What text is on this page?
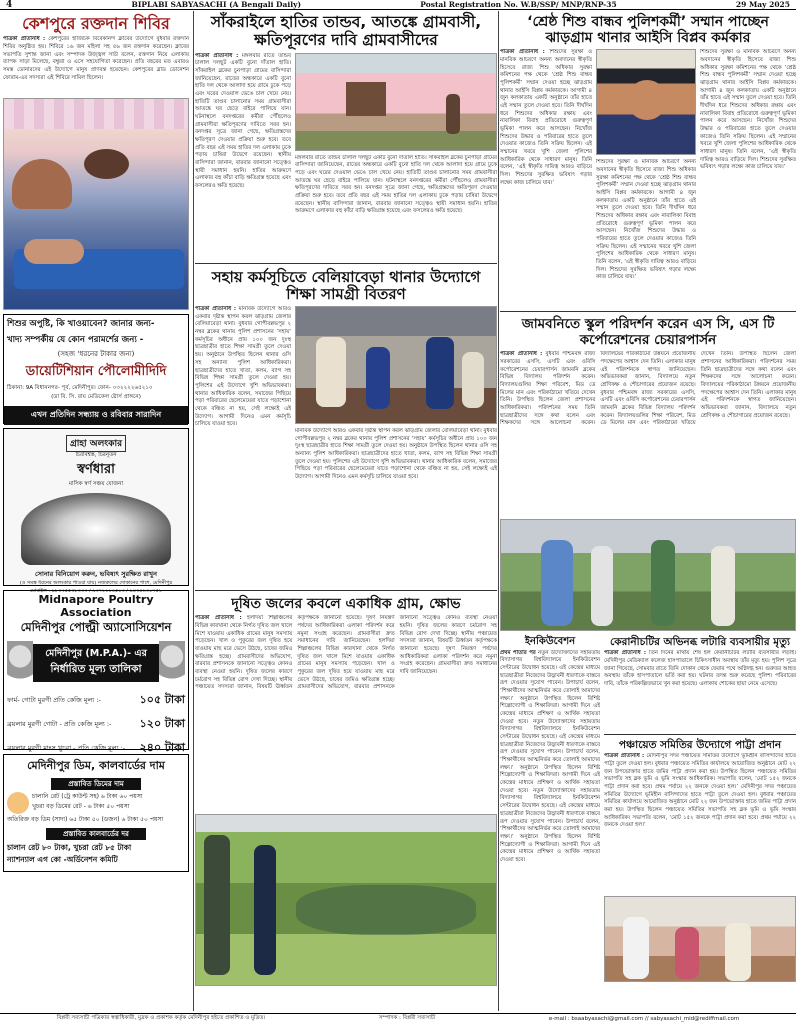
4	BIPLABI SABYASACHI (A Bengali Daily)	Postal Registration No. W.B/SSP/ MNP/RNP-35	29 May 2025
কেশপুরে রক্তদান শিবির
পত্রিকা প্রতিনিধি : কেশপুরের হাজিচক বিবেকানন্দ ক্লাবের উদ্যোগে বুধবার রক্তদান শিবির অনুষ্ঠিত হয়। শিবিরে ১৬ জন মহিলা সহ ৫৬ জন রক্তদান করেছেন। ক্লাবের সভাপতি সুশান্ত জানা এবং সম্পাদক উজ্জ্বল সাউ বলেন, রক্তদান নিয়ে এলাকায় ব্যাপক সাড়া মিলেছে, বন্ধুরা ও এসে সহযোগিতা করেছেন। প্রতি বছরের মত এবারও সমস্ত ডোনারদের এই উদ্যোগে মানুষ প্রাণবন্ত হয়েছেন। কেশপুরের ব্লাড ডোনেশন ফোরাম-এর সদস্যরা এই শিবিরে সামিল ছিলেন।
শিশুর অপুষ্টি, কি খাওয়াবেন? জানার জন্য-
খাদ্য সম্পর্কীয় যে কোন পরামর্শের জন্য -
(সহজ ‘ধরনের টাকার জন্য)
ডায়েটিশিয়ান পৌলোমীদিদি
ঠিকানা: 9A বিধাননগর- পূর্ব, মেদিনীপুর। ফোন- ০৩২২২২৬৫২১০
(ডা বি. সি. রায় মেডিকেল ষ্টোর্স প্রাঙ্গনে)
এখন প্রতিদিন সন্ধ্যায় ও রবিবার সারাদিন
গ্রাহা অলংকার
চিরবিশ্বস্ত, চিরনূতন
স্বর্ণধারা
মাসিক স্বর্ণ সঞ্চয় যোজনা
সোনার বিনিয়োগ করুন, ভবিষ্যৎ সুরক্ষিত রাখুন
(ও সমস্ত ধরনের অলংকার পাওয়া যায়) নজরুলের দোকানের পাশে, মেদিনীপুর
মোবাইল : ৯৮৩৩৫৫৩৮৩৩৩ / ৯৩৭১১১৬৫০৩ / ৯৪৩৪৬৩০৭৫১
Midnapore Poultry Association
মেদিনীপুর পোল্ট্রী অ্যাসোসিয়েশন
মেদিনীপুর (M.P.A.)- এর
নির্ধারিত মূল্য তালিকা
ফার্ম- গোটা মুরগী প্রতি কেজি মূল্য :-	১০৫ টাকা
ব্রয়লার মুরগী গোটা - প্রতি কেজি মূল্য :-	১২০ টাকা
ব্রয়লার মুরগী মাংস খুচরা - প্রতি কেজি মূল্য :- ২৪০ টাকা
মেদিনীপুর ডিম, কালবার্ডের দাম
প্রস্তাবিত ডিমের দাম
চালানি রেট (ট্রে কাউন্ট সহ) ৬ টাকা ৬০ পয়সা
খুচরা বড় ডিমের রেট - ৬ টাকা ৫০ পয়সা
অতিরিক্ত বড় ডিম (সাদা) ৬৫ টাকা ৫০ (ডজন) ৬ টাকা ৫০ পয়সা
প্রস্তাবিত কালবার্ডের দর
চালান রেট ৮০ টাকা, খুচরা রেট ৮৫ টাকা
ন্যাশন্যাল এগ কো -অর্ডিনেশন কমিটি
সাঁকরাইলে হাতির তান্ডব, আতঙ্কে গ্রামবাসী, ক্ষতিপূরণের দাবি গ্রামবাসীদের
পত্রিকা প্রতিনিধি : মঙ্গলবার রাতে তান্ডব চালাল দলছুট একটি বুনো দাঁতাল হাতি। সাঁকরাইল ব্লকের চুনপাড়া গ্রামের বাসিন্দারা জানিয়েছেন, রাতের অন্ধকারে একটি বুনো হাতি দল থেকে আলাদা হয়ে গ্রামে ঢুকে পড়ে এবং ঘরের দেওয়াল ভেঙে চাল খেয়ে নেয়। হাতিটি তাণ্ডব চালানোর সময় গ্রামবাসীরা আতঙ্কে ঘর ছেড়ে বাইরে পালিয়ে যান। ঘটনাস্থলে বনদপ্তরের কর্মীরা পৌঁছলেও গ্রামবাসীরা ক্ষতিপূরণের দাবিতে সরব হন। বনদপ্তর সূত্রে জানা গেছে, ক্ষতিগ্রস্তদের ক্ষতিপূরণ দেওয়ার প্রক্রিয়া শুরু হবে। তবে প্রতি বছর এই সময় হাতির দল এলাকায় ঢুকে পড়ায় চাষিরা উদ্বেগে রয়েছেন। স্থানীয় বাসিন্দারা জানান, বারবার জানানো সত্ত্বেও স্থায়ী সমাধান হয়নি। হাতির আক্রমণে এলাকার বহু কাঁচা বাড়ি ক্ষতিগ্রস্ত হয়েছে এবং ফসলেরও ক্ষতি হয়েছে।
মঙ্গলবার রাতে তান্ডব চালাল দলছুট একটি বুনো দাঁতাল হাতি। সাঁকরাইল ব্লকের চুনপাড়া গ্রামের বাসিন্দারা জানিয়েছেন, রাতের অন্ধকারে একটি বুনো হাতি দল থেকে আলাদা হয়ে গ্রামে ঢুকে পড়ে এবং ঘরের দেওয়াল ভেঙে চাল খেয়ে নেয়। হাতিটি তাণ্ডব চালানোর সময় গ্রামবাসীরা আতঙ্কে ঘর ছেড়ে বাইরে পালিয়ে যান। ঘটনাস্থলে বনদপ্তরের কর্মীরা পৌঁছলেও গ্রামবাসীরা ক্ষতিপূরণের দাবিতে সরব হন। বনদপ্তর সূত্রে জানা গেছে, ক্ষতিগ্রস্তদের ক্ষতিপূরণ দেওয়ার প্রক্রিয়া শুরু হবে। তবে প্রতি বছর এই সময় হাতির দল এলাকায় ঢুকে পড়ায় চাষিরা উদ্বেগে রয়েছেন। স্থানীয় বাসিন্দারা জানান, বারবার জানানো সত্ত্বেও স্থায়ী সমাধান হয়নি। হাতির আক্রমণে এলাকার বহু কাঁচা বাড়ি ক্ষতিগ্রস্ত হয়েছে এবং ফসলেরও ক্ষতি হয়েছে।
সহায় কর্মসূচিতে বেলিয়াবেড়া থানার উদ্যোগে শিক্ষা সামগ্রী বিতরণ
পত্রিকা প্রতিনিধি : মানবিক উদ্যোগে আরও একবার দৃষ্টান্ত স্থাপন করল ঝাড়গ্রাম জেলার বেলিয়াবেড়া থানা। বুধবার গোপীবল্লভপুর ২ নম্বর ব্লকের থানায় পুলিশ প্রশাসনের ‘সহায়’ কর্মসূচির অধীনে প্রায় ১০০ জন দুঃস্থ ছাত্রছাত্রীর হাতে শিক্ষা সামগ্রী তুলে দেওয়া হয়। অনুষ্ঠানে উপস্থিত ছিলেন থানার ওসি সহ অন্যান্য পুলিশ আধিকারিকরা। ছাত্রছাত্রীদের হাতে খাতা, কলম, ব্যাগ সহ বিভিন্ন শিক্ষা সামগ্রী তুলে দেওয়া হয়। পুলিশের এই উদ্যোগে খুশি অভিভাবকরা। থানার আধিকারিক বলেন, সমাজের পিছিয়ে পড়া পরিবারের ছেলেমেয়েরা যাতে পড়াশোনা থেকে বঞ্চিত না হয়, সেই লক্ষ্যেই এই উদ্যোগ। আগামী দিনেও এমন কর্মসূচি চালিয়ে যাওয়া হবে।
মানবিক উদ্যোগে আরও একবার দৃষ্টান্ত স্থাপন করল ঝাড়গ্রাম জেলার বেলিয়াবেড়া থানা। বুধবার গোপীবল্লভপুর ২ নম্বর ব্লকের থানায় পুলিশ প্রশাসনের ‘সহায়’ কর্মসূচির অধীনে প্রায় ১০০ জন দুঃস্থ ছাত্রছাত্রীর হাতে শিক্ষা সামগ্রী তুলে দেওয়া হয়। অনুষ্ঠানে উপস্থিত ছিলেন থানার ওসি সহ অন্যান্য পুলিশ আধিকারিকরা। ছাত্রছাত্রীদের হাতে খাতা, কলম, ব্যাগ সহ বিভিন্ন শিক্ষা সামগ্রী তুলে দেওয়া হয়। পুলিশের এই উদ্যোগে খুশি অভিভাবকরা। থানার আধিকারিক বলেন, সমাজের পিছিয়ে পড়া পরিবারের ছেলেমেয়েরা যাতে পড়াশোনা থেকে বঞ্চিত না হয়, সেই লক্ষ্যেই এই উদ্যোগ। আগামী দিনেও এমন কর্মসূচি চালিয়ে যাওয়া হবে।
দূষিত জলের কবলে একাধিক গ্রাম, ক্ষোভ
পত্রিকা প্রতিনিধি : হলদিয়া শিল্পাঞ্চলের বিভিন্ন কারখানা থেকে নির্গত দূষিত জল খালে মিশে যাওয়ায় একাধিক গ্রামের মানুষ সমস্যায় পড়েছেন। খাল ও পুকুরের জল দূষিত হয়ে যাওয়ায় মাছ মরে ভেসে উঠছে, চাষের জমিও ক্ষতিগ্রস্ত হচ্ছে। গ্রামবাসীদের অভিযোগ, বারবার প্রশাসনকে জানানো সত্ত্বেও কোনও ব্যবস্থা নেওয়া হয়নি। দূষিত জলের কারণে চর্মরোগ সহ বিভিন্ন রোগ দেখা দিচ্ছে। স্থানীয় পঞ্চায়েত সদস্যরা জানান, বিষয়টি ঊর্ধ্বতন কর্তৃপক্ষকে জানানো হয়েছে। দূষণ নিয়ন্ত্রণ পর্ষদের আধিকারিকরা এলাকা পরিদর্শন করে নমুনা সংগ্রহ করেছেন। গ্রামবাসীরা দ্রুত সমাধানের দাবি জানিয়েছেন। হলদিয়া শিল্পাঞ্চলের বিভিন্ন কারখানা থেকে নির্গত দূষিত জল খালে মিশে যাওয়ায় একাধিক গ্রামের মানুষ সমস্যায় পড়েছেন। খাল ও পুকুরের জল দূষিত হয়ে যাওয়ায় মাছ মরে ভেসে উঠছে, চাষের জমিও ক্ষতিগ্রস্ত হচ্ছে। গ্রামবাসীদের অভিযোগ, বারবার প্রশাসনকে জানানো সত্ত্বেও কোনও ব্যবস্থা নেওয়া হয়নি। দূষিত জলের কারণে চর্মরোগ সহ বিভিন্ন রোগ দেখা দিচ্ছে। স্থানীয় পঞ্চায়েত সদস্যরা জানান, বিষয়টি ঊর্ধ্বতন কর্তৃপক্ষকে জানানো হয়েছে। দূষণ নিয়ন্ত্রণ পর্ষদের আধিকারিকরা এলাকা পরিদর্শন করে নমুনা সংগ্রহ করেছেন। গ্রামবাসীরা দ্রুত সমাধানের দাবি জানিয়েছেন।
‘শ্রেষ্ঠ শিশু বান্ধব পুলিশকর্মী’ সম্মান পাচ্ছেন ঝাড়গ্রাম থানার আইসি বিপ্লব কর্মকার
পত্রিকা প্রতিনিধি : শিশুদের সুরক্ষা ও মানবিক আচরণে অনন্য অবদানের স্বীকৃতি হিসেবে রাজ্য শিশু অধিকার সুরক্ষা কমিশনের পক্ষ থেকে ‘শ্রেষ্ঠ শিশু বান্ধব পুলিশকর্মী’ সম্মান দেওয়া হচ্ছে ঝাড়গ্রাম থানার আইসি বিপ্লব কর্মকারকে। আগামী ৪ জুন কলকাতায় একটি অনুষ্ঠানে তাঁর হাতে এই সম্মান তুলে দেওয়া হবে। তিনি দীর্ঘদিন ধরে শিশুদের অধিকার রক্ষায় এবং নাবালিকা বিবাহ প্রতিরোধে গুরুত্বপূর্ণ ভূমিকা পালন করে আসছেন। নিখোঁজ শিশুদের উদ্ধার ও পরিবারের হাতে তুলে দেওয়ার কাজেও তিনি সক্রিয় ছিলেন। এই সম্মানের খবরে খুশি জেলা পুলিশের আধিকারিক থেকে সাধারণ মানুষ। তিনি বলেন, ‘এই স্বীকৃতি দায়িত্ব আরও বাড়িয়ে দিল। শিশুদের সুরক্ষিত ভবিষ্যৎ গড়ার লক্ষ্যে কাজ চালিয়ে যাব।’
শিশুদের সুরক্ষা ও মানবিক আচরণে অনন্য অবদানের স্বীকৃতি হিসেবে রাজ্য শিশু অধিকার সুরক্ষা কমিশনের পক্ষ থেকে ‘শ্রেষ্ঠ শিশু বান্ধব পুলিশকর্মী’ সম্মান দেওয়া হচ্ছে ঝাড়গ্রাম থানার আইসি বিপ্লব কর্মকারকে। আগামী ৪ জুন কলকাতায় একটি অনুষ্ঠানে তাঁর হাতে এই সম্মান তুলে দেওয়া হবে। তিনি দীর্ঘদিন ধরে শিশুদের অধিকার রক্ষায় এবং নাবালিকা বিবাহ প্রতিরোধে গুরুত্বপূর্ণ ভূমিকা পালন করে আসছেন। নিখোঁজ শিশুদের উদ্ধার ও পরিবারের হাতে তুলে দেওয়ার কাজেও তিনি সক্রিয় ছিলেন। এই সম্মানের খবরে খুশি জেলা পুলিশের আধিকারিক থেকে সাধারণ মানুষ। তিনি বলেন, ‘এই স্বীকৃতি দায়িত্ব আরও বাড়িয়ে দিল। শিশুদের সুরক্ষিত ভবিষ্যৎ গড়ার লক্ষ্যে কাজ চালিয়ে যাব।’
শিশুদের সুরক্ষা ও মানবিক আচরণে অনন্য অবদানের স্বীকৃতি হিসেবে রাজ্য শিশু অধিকার সুরক্ষা কমিশনের পক্ষ থেকে ‘শ্রেষ্ঠ শিশু বান্ধব পুলিশকর্মী’ সম্মান দেওয়া হচ্ছে ঝাড়গ্রাম থানার আইসি বিপ্লব কর্মকারকে। আগামী ৪ জুন কলকাতায় একটি অনুষ্ঠানে তাঁর হাতে এই সম্মান তুলে দেওয়া হবে। তিনি দীর্ঘদিন ধরে শিশুদের অধিকার রক্ষায় এবং নাবালিকা বিবাহ প্রতিরোধে গুরুত্বপূর্ণ ভূমিকা পালন করে আসছেন। নিখোঁজ শিশুদের উদ্ধার ও পরিবারের হাতে তুলে দেওয়ার কাজেও তিনি সক্রিয় ছিলেন। এই সম্মানের খবরে খুশি জেলা পুলিশের আধিকারিক থেকে সাধারণ মানুষ। তিনি বলেন, ‘এই স্বীকৃতি দায়িত্ব আরও বাড়িয়ে দিল। শিশুদের সুরক্ষিত ভবিষ্যৎ গড়ার লক্ষ্যে কাজ চালিয়ে যাব।’
জামবনিতে স্কুল পরিদর্শন করেন এস সি, এস টি কর্পোরেশনের চেয়ারপার্সন
পত্রিকা প্রতিনিধি : বুধবার পশ্চিমবঙ্গ রাজ্য সরকারের এসসি, এসটি এবং ওবিসি কর্পোরেশনের চেয়ারপার্সন জামবনি ব্লকের বিভিন্ন বিদ্যালয় পরিদর্শন করেন। বিদ্যালয়গুলির শিক্ষা পরিবেশ, মিড ডে মিলের মান এবং পরিকাঠামো খতিয়ে দেখেন তিনি। উপস্থিত ছিলেন জেলা প্রশাসনের আধিকারিকরা। পরিদর্শনের সময় তিনি ছাত্রছাত্রীদের সঙ্গে কথা বলেন এবং শিক্ষকদের সঙ্গে আলোচনা করেন। বিদ্যালয়ের পরিকাঠামো উন্নয়নে প্রয়োজনীয় পদক্ষেপের আশ্বাস দেন তিনি। এলাকার মানুষ এই পরিদর্শনকে স্বাগত জানিয়েছেন। অভিভাবকরা জানান, বিদ্যালয়ে নতুন শ্রেণিকক্ষ ও শৌচাগারের প্রয়োজন রয়েছে। বুধবার পশ্চিমবঙ্গ রাজ্য সরকারের এসসি, এসটি এবং ওবিসি কর্পোরেশনের চেয়ারপার্সন জামবনি ব্লকের বিভিন্ন বিদ্যালয় পরিদর্শন করেন। বিদ্যালয়গুলির শিক্ষা পরিবেশ, মিড ডে মিলের মান এবং পরিকাঠামো খতিয়ে দেখেন তিনি। উপস্থিত ছিলেন জেলা প্রশাসনের আধিকারিকরা। পরিদর্শনের সময় তিনি ছাত্রছাত্রীদের সঙ্গে কথা বলেন এবং শিক্ষকদের সঙ্গে আলোচনা করেন। বিদ্যালয়ের পরিকাঠামো উন্নয়নে প্রয়োজনীয় পদক্ষেপের আশ্বাস দেন তিনি। এলাকার মানুষ এই পরিদর্শনকে স্বাগত জানিয়েছেন। অভিভাবকরা জানান, বিদ্যালয়ে নতুন শ্রেণিকক্ষ ও শৌচাগারের প্রয়োজন রয়েছে।
ইনকিউবেশন
প্রথম পাতার পর নতুন উদ্যোক্তাদের সহায়তায় বিদ্যাসাগর বিশ্ববিদ্যালয়ে ইনকিউবেশন সেন্টারের উদ্বোধন হয়েছে। এই কেন্দ্রের মাধ্যমে ছাত্রছাত্রীরা নিজেদের উদ্ভাবনী ধারণাকে বাস্তবে রূপ দেওয়ার সুযোগ পাবেন। উপাচার্য বলেন, ‘শিক্ষার্থীদের আত্মনির্ভর করে তোলাই আমাদের লক্ষ্য।’ অনুষ্ঠানে উপস্থিত ছিলেন বিশিষ্ট শিল্পোদ্যোগী ও শিক্ষাবিদরা। আগামী দিনে এই কেন্দ্রের মাধ্যমে প্রশিক্ষণ ও আর্থিক সহায়তা দেওয়া হবে। নতুন উদ্যোক্তাদের সহায়তায় বিদ্যাসাগর বিশ্ববিদ্যালয়ে ইনকিউবেশন সেন্টারের উদ্বোধন হয়েছে। এই কেন্দ্রের মাধ্যমে ছাত্রছাত্রীরা নিজেদের উদ্ভাবনী ধারণাকে বাস্তবে রূপ দেওয়ার সুযোগ পাবেন। উপাচার্য বলেন, ‘শিক্ষার্থীদের আত্মনির্ভর করে তোলাই আমাদের লক্ষ্য।’ অনুষ্ঠানে উপস্থিত ছিলেন বিশিষ্ট শিল্পোদ্যোগী ও শিক্ষাবিদরা। আগামী দিনে এই কেন্দ্রের মাধ্যমে প্রশিক্ষণ ও আর্থিক সহায়তা দেওয়া হবে। নতুন উদ্যোক্তাদের সহায়তায় বিদ্যাসাগর বিশ্ববিদ্যালয়ে ইনকিউবেশন সেন্টারের উদ্বোধন হয়েছে। এই কেন্দ্রের মাধ্যমে ছাত্রছাত্রীরা নিজেদের উদ্ভাবনী ধারণাকে বাস্তবে রূপ দেওয়ার সুযোগ পাবেন। উপাচার্য বলেন, ‘শিক্ষার্থীদের আত্মনির্ভর করে তোলাই আমাদের লক্ষ্য।’ অনুষ্ঠানে উপস্থিত ছিলেন বিশিষ্ট শিল্পোদ্যোগী ও শিক্ষাবিদরা। আগামী দিনে এই কেন্দ্রের মাধ্যমে প্রশিক্ষণ ও আর্থিক সহায়তা দেওয়া হবে।
কেরানীচটির অভিনব্ধ লটারি ব্যবসায়ীর মৃত্যু
পত্রিকা প্রতিনিধি : তিন দিনের মাথায় শেষ হল কেরানীচটির লটারি ব্যবসায়ীর লড়াই। মেদিনীপুর মেডিক্যাল কলেজ হাসপাতালে চিকিৎসাধীন অবস্থায় তাঁর মৃত্যু হয়। পুলিশ সূত্রে জানা গিয়েছে, সোমবার রাতে তিনি দোকান থেকে ফেরার পথে অগ্নিদগ্ধ হন। গুরুতর আহত অবস্থায় তাঁকে হাসপাতালে ভর্তি করা হয়। ঘটনার তদন্ত শুরু করেছে পুলিশ। পরিবারের দাবি, তাঁকে পরিকল্পিতভাবে খুন করা হয়েছে। এলাকায় শোকের ছায়া নেমে এসেছে।
পঞ্চায়েত সমিতির উদ্যোগে পাট্টা প্রদান
পত্রিকা প্রতিনিধি : মেদিনীপুর সদর পঞ্চায়েত সমিতির উদ্যোগে ভূমিহীন বাসিন্দাদের হাতে পাট্টা তুলে দেওয়া হল। বুধবার পঞ্চায়েত সমিতির কার্যালয়ে আয়োজিত অনুষ্ঠানে মোট ২২ জন উপভোক্তার হাতে জমির পাট্টা প্রদান করা হয়। উপস্থিত ছিলেন পঞ্চায়েত সমিতির সভাপতি সহ ব্লক ভূমি ও ভূমি সংস্কার আধিকারিক। সভাপতি বলেন, ‘মোট ১৫২ জনকে পাট্টা প্রদান করা হবে। প্রথম পর্যায়ে ২২ জনকে দেওয়া হল।’ মেদিনীপুর সদর পঞ্চায়েত সমিতির উদ্যোগে ভূমিহীন বাসিন্দাদের হাতে পাট্টা তুলে দেওয়া হল। বুধবার পঞ্চায়েত সমিতির কার্যালয়ে আয়োজিত অনুষ্ঠানে মোট ২২ জন উপভোক্তার হাতে জমির পাট্টা প্রদান করা হয়। উপস্থিত ছিলেন পঞ্চায়েত সমিতির সভাপতি সহ ব্লক ভূমি ও ভূমি সংস্কার আধিকারিক। সভাপতি বলেন, ‘মোট ১৫২ জনকে পাট্টা প্রদান করা হবে। প্রথম পর্যায়ে ২২ জনকে দেওয়া হল।’
বিপ্লবী সব্যসাচী পত্রিকার স্বত্বাধিকারী, মুদ্রক ও প্রকাশক কর্তৃক মেদিনীপুর হইতে প্রকাশিত ও মুদ্রিত।	সম্পাদক : বিপ্লবী সব্যসাচী	e-mail : bsaabyasachi@gmail.com // sabyasachi_mid@rediffmail.com
